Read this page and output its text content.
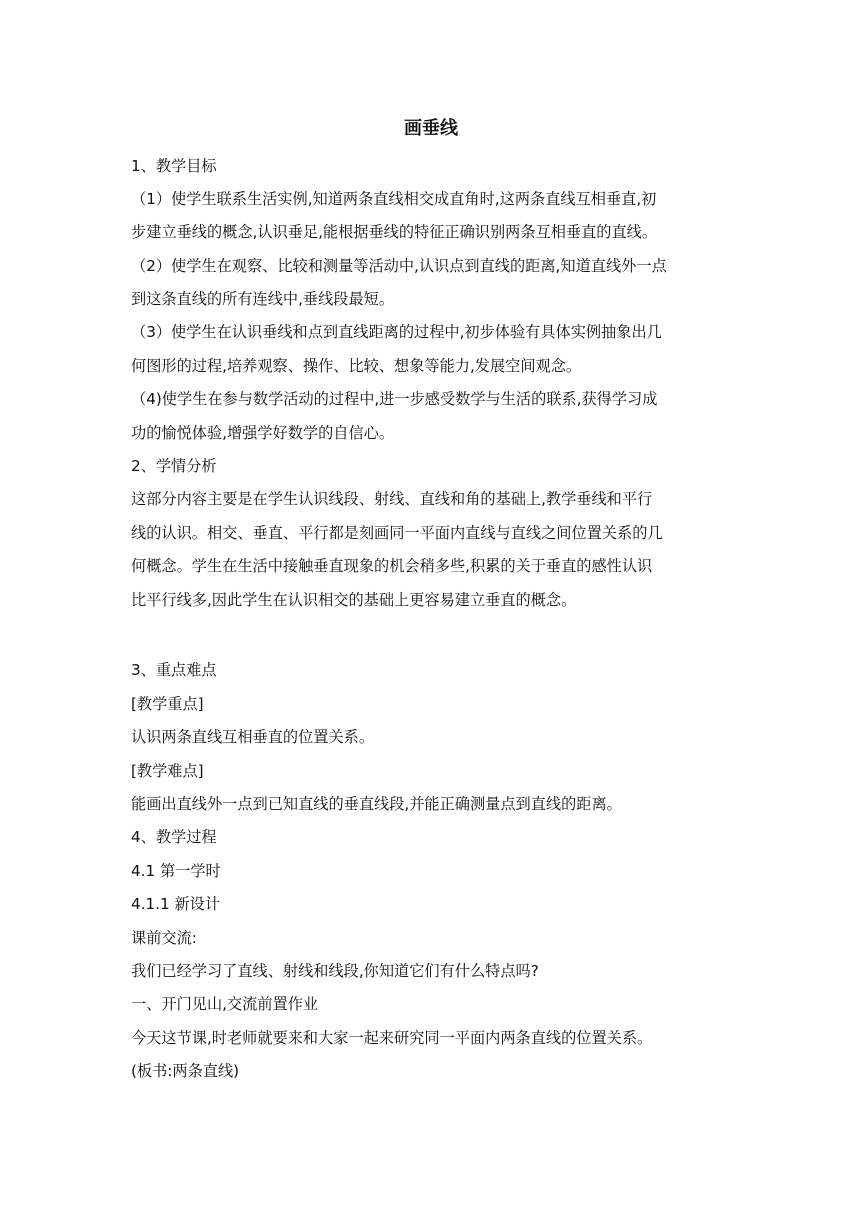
画垂线

1、教学目标

（1）使学生联系生活实例,知道两条直线相交成直角时,这两条直线互相垂直,初

步建立垂线的概念,认识垂足,能根据垂线的特征正确识别两条互相垂直的直线。

（2）使学生在观察、比较和测量等活动中,认识点到直线的距离,知道直线外一点

到这条直线的所有连线中,垂线段最短。

（3）使学生在认识垂线和点到直线距离的过程中,初步体验有具体实例抽象出几

何图形的过程,培养观察、操作、比较、想象等能力,发展空间观念。

（4)使学生在参与数学活动的过程中,进一步感受数学与生活的联系,获得学习成

功的愉悦体验,增强学好数学的自信心。

2、学情分析

这部分内容主要是在学生认识线段、射线、直线和角的基础上,教学垂线和平行

线的认识。相交、垂直、平行都是刻画同一平面内直线与直线之间位置关系的几

何概念。学生在生活中接触垂直现象的机会稍多些,积累的关于垂直的感性认识

比平行线多,因此学生在认识相交的基础上更容易建立垂直的概念。

3、重点难点

[教学重点]

认识两条直线互相垂直的位置关系。

[教学难点]

能画出直线外一点到已知直线的垂直线段,并能正确测量点到直线的距离。

4、教学过程

4.1 第一学时

4.1.1 新设计

课前交流:

我们已经学习了直线、射线和线段,你知道它们有什么特点吗?

一、开门见山,交流前置作业

今天这节课,时老师就要来和大家一起来研究同一平面内两条直线的位置关系。

(板书:两条直线)
